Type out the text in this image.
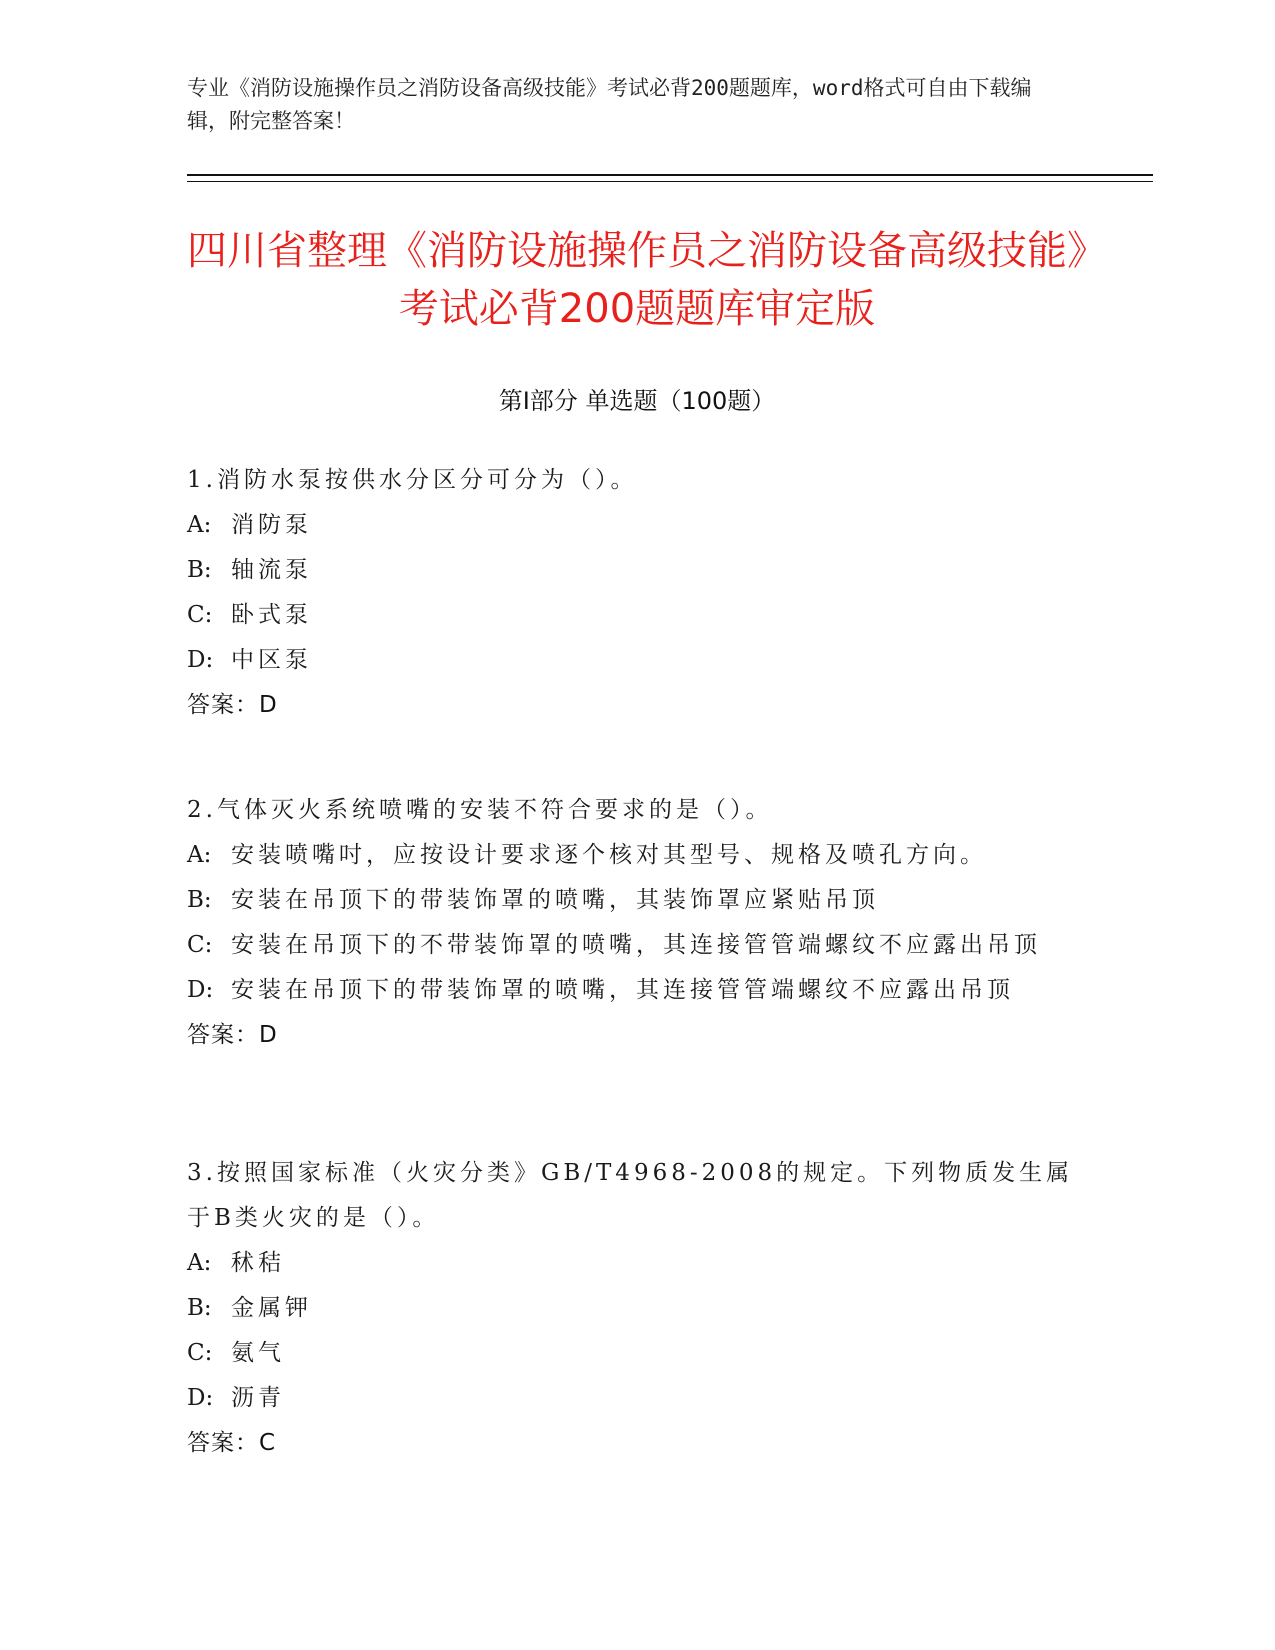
专业《消防设施操作员之消防设备高级技能》考试必背200题题库，word格式可自由下载编辑，附完整答案！

四川省整理《消防设施操作员之消防设备高级技能》考试必背200题题库审定版
第I部分 单选题（100题）

1.消防水泵按供水分区分可分为（）。

A: 消防泵

B: 轴流泵

C: 卧式泵

D: 中区泵

答案：D

2.气体灭火系统喷嘴的安装不符合要求的是（）。

A: 安装喷嘴吋，应按设计要求逐个核对其型号、规格及喷孔方向。

B: 安装在吊顶下的带装饰罩的喷嘴，其装饰罩应紧贴吊顶

C: 安装在吊顶下的不带装饰罩的喷嘴，其连接管管端螺纹不应露出吊顶

D: 安装在吊顶下的带装饰罩的喷嘴，其连接管管端螺纹不应露出吊顶

答案：D

3.按照国家标准（火灾分类》GB/T4968-2008的规定。下列物质发生属于B类火灾的是（）。

A: 秫秸

B: 金属钾

C: 氨气

D: 沥青

答案：C
